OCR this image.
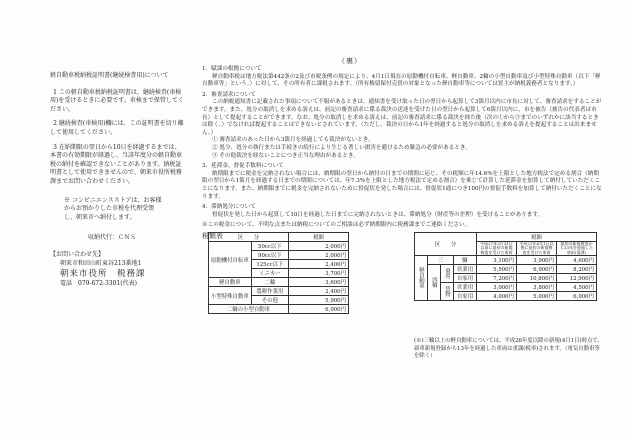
（裏）
軽自動車税納税証明書(継続検査用)について
1 この軽自動車税納税証明書は、継続検査(車検用)を受けるときに必要です。車検まで保管してください。
2 継続検査(車検用)欄には、この証明書を切り離して使用してください。
3 在納期限の翌日から10日を経過するまでは、本書の有効期限が経過し、当該年度分の軽自動車税の納付を確認できないことがあります。納税証明書として使用できませんので、朝来市役所税務課までお問い合わせください。
※ コンビニエンスストアは、お客様からお預かりした市税を代理受領し、朝来市へ納付します。
収納代行：ＣＮＳ
【お問い合わせ先】
朝来市和田山町東谷213番地1
朝来市役所　税務課
電話　079-672-3301(代表)
1．賦課の根拠について

軽自動車税は地方税法第442条の2及び市税条例の規定により、4月1日現在の原動機付自転車、軽自動車、2輪の小型自動車及び小型特殊自動車（以下「軽自動車等」という。）に対して、その所有者に課税されます。（所有権留保付売買の対象となった軽自動車等については買主が納税義務者となります。）

2．審査請求について

この納税通知書に記載された事項について不服があるときは、通知書を受け取った日の翌日から起算して3箇月以内に市長に対して、審査請求をすることができます。また、処分の取消しを求める訴えは、前記の審査請求に係る裁決の送達を受けた日の翌日から起算して6箇月以内に、市を被告（被告の代表者は市長）として提起することができます。なお、処分の取消しを求める訴えは、前記の審査請求に係る裁決を経た後（次の①から③までのいずれかに該当するときは除く。）でなければ提起することはできないとされています。（ただし、裁決の日から1年を経過すると処分の取消しを求める訴えを提起することは出来ません。）

① 審査請求のあった日から3箇月を経過しても裁決がないとき。
② 処分、処分の執行または手続きの続行により生じる著しい損害を避けるため緊急の必要があるとき。
③ その他裁決を経ないことにつき正当な理由があるとき。
3．延滞金、督促手数料について

納期限までに税金を完納されない場合には、納期限の翌日から納付の日までの期間に応じ、その税額に年14.6%を上限とした地方税法で定める割合（納期限の翌日から1箇月を経過する日までの期間については、年7.3%を上限とした地方税法で定める割合）を乗じて計算した延滞金を加算して納付していただくことになります。また、納期限までに税金を完納されないために督促状を発した場合には、督促状1通につき100円の督促手数料を加算して納付いただくことになります。

4．滞納処分について

督促状を発した日から起算して10日を経過した日までに完納されないときは、滞納処分（財産等の差押）を受けることがあります。

※この税金について、不明な点または納税についてのご相談は必ず納期限内に税務課までご連絡ください。
税額表	区　　 分		税額
原動機付自転車	50cc以下	2,000円
	90cc以下	2,000円
	125cc以下	2,400円
	ミニカー	3,700円
軽自動車	二輪	3,600円
小型特殊自動車	農耕作業用	2,400円
	その他	5,900円
二輪の小型自動車		6,000円
区　　 分				税額		
				平成27年3月31日以前に最初の新規検査を受けた車両	平成27年4月1日以後に最初の新規検査を受けた車両	最初の新規検査から13年を経過した車両(重課)
軽自動車	三		輪	3,100円	3,900円	4,600円
	四輪	乗用	営業用	5,500円	6,900円	8,200円
			自家用	7,200円	10,800円	12,900円
		貨物	営業用	3,000円	3,800円	4,500円
			自家用	4,000円	5,000円	6,000円
(※)三輪以上の軽自動車については、平成26年度以降の新規(4月1日)時点で、新車新規登録から13年を経過した車両は重課(税率)されます。（電気自動車等を除く）
